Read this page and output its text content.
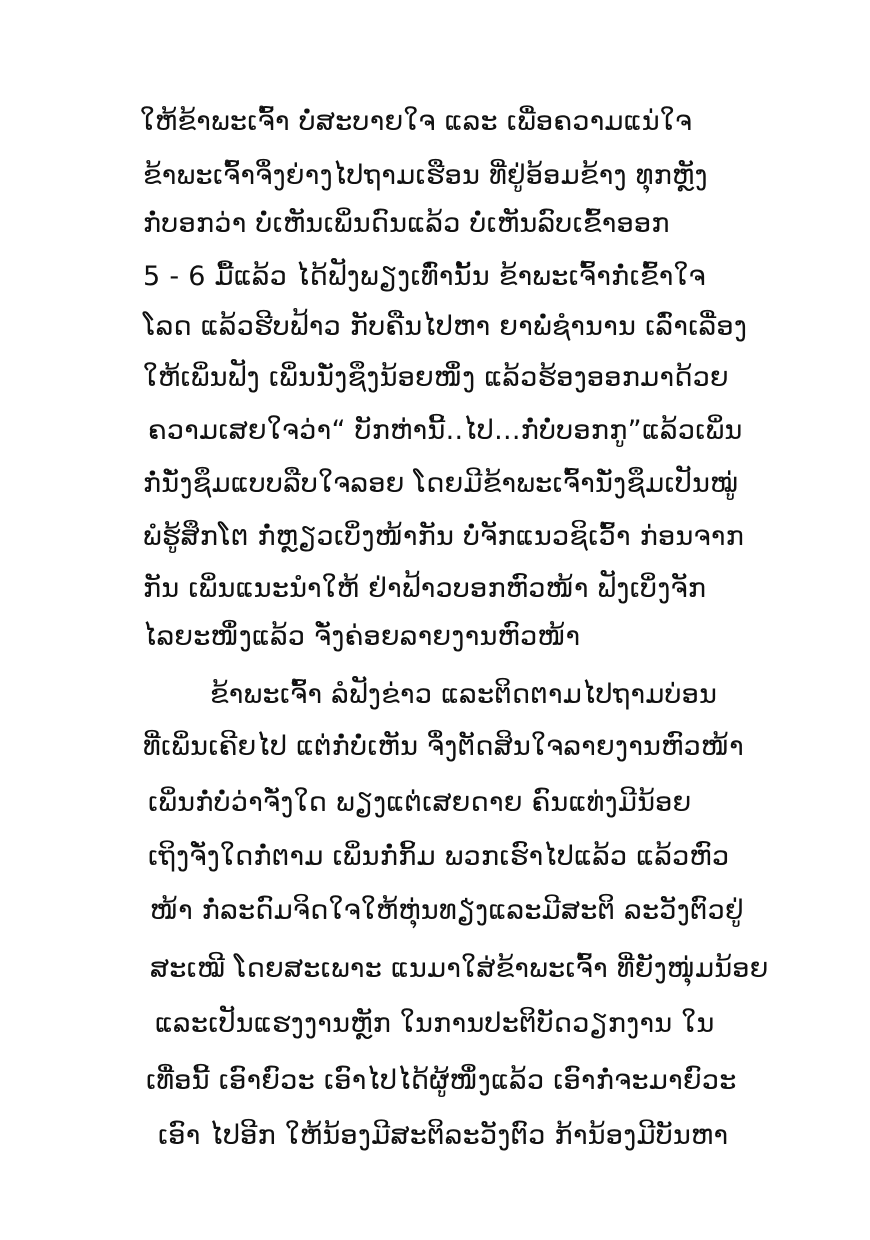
ໃຫ້ຂ້າພະເຈົ້າ ບໍ່ສະບາຍໃຈ ແລະ ເພື່ອຄວາມແນ່ໃຈ
ຂ້າພະເຈົ້າຈຶ່ງຍ່າງໄປຖາມເຮືອນ ທີ່ຢູ່ອ້ອມຂ້າງ ທຸກຫຼັງ
ກໍ່ບອກວ່າ ບໍ່ເຫັນເພິ່ນດົນແລ້ວ ບໍ່ເຫັນລົບເຂົ້າອອກ
5 - 6 ມື້ແລ້ວ ໄດ້ຟັງພຽງເທົ່ານັ້ນ ຂ້າພະເຈົ້າກໍ່ເຂົ້າໃຈ
ໂລດ ແລ້ວຮີບຟ້າວ ກັບຄືນໄປຫາ ຍາພໍ່ຊຳນານ ເລົ່າເລື່ອງ
ໃຫ້ເພິ່ນຟັງ ເພິ່ນນັ່ງຊຶງນ້ອຍໜຶ່ງ ແລ້ວຮ້ອງອອກມາດ້ວຍ
ຄວາມເສຍໃຈວ່າ“ ບັກຫ່ານີ້..ໄປ...ກໍ່ບໍ່ບອກກູ”ແລ້ວເພິ່ນ
ກໍ່ນັ່ງຊຶມແບບລືບໃຈລອຍ ໂດຍມີຂ້າພະເຈົ້ານັ່ງຊຶມເປັນໝູ່
ພໍຮູ້ສຶກໂຕ ກໍ່ຫຼຽວເບິ່ງໜ້າກັນ ບໍ່ຈັກແນວຊິເວົ້າ ກ່ອນຈາກ
ກັນ ເພິ່ນແນະນຳໃຫ້ ຢ່າຟ້າວບອກຫົວໜ້າ ຟັງເບິ່ງຈັກ
ໄລຍະໜຶ່ງແລ້ວ ຈັ່ງຄ່ອຍລາຍງານຫົວໜ້າ
ຂ້າພະເຈົ້າ ລໍຟັງຂ່າວ ແລະຕິດຕາມໄປຖາມບ່ອນ
ທີ່ເພິ່ນເຄີຍໄປ ແຕ່ກໍ່ບໍ່ເຫັນ ຈຶ່ງຕັດສິນໃຈລາຍງານຫົວໜ້າ
ເພິ່ນກໍ່ບໍ່ວ່າຈັ່ງໃດ ພຽງແຕ່ເສຍດາຍ ຄົນແທ່ງມີນ້ອຍ
ເຖິງຈັ່ງໃດກໍ່ຕາມ ເພິ່ນກໍ່ກິ້ມ ພວກເຮົາໄປແລ້ວ ແລ້ວຫົວ
ໜ້າ ກໍ່ລະດົມຈິດໃຈໃຫ້ຫຸ່ນທຽ່ງແລະມີສະຕິ ລະວັງຕົວຢູ່
ສະເໝີ ໂດຍສະເພາະ ແນມາໃສ່ຂ້າພະເຈົ້າ ທີ່ຍັງໜຸ່ມນ້ອຍ
ແລະເປັນແຮງງານຫຼັກ ໃນການປະຕິບັດວຽກງານ ໃນ
ເທື່ອນີ້ ເອົາຍົວະ ເອົາໄປໄດ້ຜູ້ໜຶ່ງແລ້ວ ເອົາກໍ່ຈະມາຍົວະ
ເອົາ ໄປອີກ ໃຫ້ນ້ອງມີສະຕິລະວັງຕົວ ກ້ານ້ອງມີບັນຫາ
